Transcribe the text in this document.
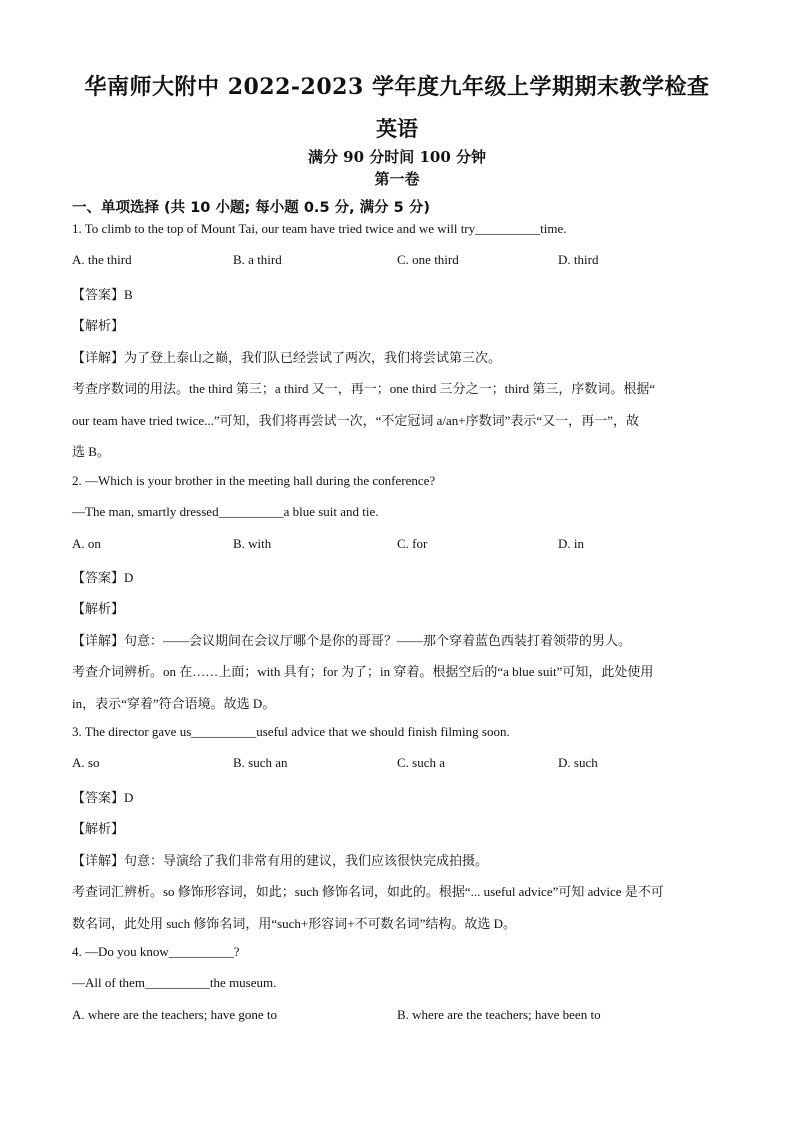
华南师大附中 2022-2023 学年度九年级上学期期末教学检查
英语
满分 90 分时间 100 分钟
第一卷
一、单项选择 (共 10 小题; 每小题 0.5 分, 满分 5 分)
1. To climb to the top of Mount Tai, our team have tried twice and we will try__________time.
A. the third	B. a third	C. one third	D. third
【答案】B
【解析】
【详解】为了登上泰山之巅，我们队已经尝试了两次，我们将尝试第三次。
考查序数词的用法。the third 第三；a third 又一，再一；one third 三分之一；third 第三，序数词。根据“
our team have tried twice...”可知，我们将再尝试一次，“不定冠词 a/an+序数词”表示“又一，再一”，故
选 B。
2. —Which is your brother in the meeting hall during the conference?
—The man, smartly dressed__________a blue suit and tie.
A. on	B. with	C. for	D. in
【答案】D
【解析】
【详解】句意：——会议期间在会议厅哪个是你的哥哥？——那个穿着蓝色西装打着领带的男人。
考查介词辨析。on 在……上面；with 具有；for 为了；in 穿着。根据空后的“a blue suit”可知，此处使用
in，表示“穿着”符合语境。故选 D。
3. The director gave us__________useful advice that we should finish filming soon.
A. so	B. such an	C. such a	D. such
【答案】D
【解析】
【详解】句意：导演给了我们非常有用的建议，我们应该很快完成拍摄。
考查词汇辨析。so 修饰形容词，如此；such 修饰名词，如此的。根据“... useful advice”可知 advice 是不可
数名词，此处用 such 修饰名词，用“such+形容词+不可数名词”结构。故选 D。
4. —Do you know__________?
—All of them__________the museum.
A. where are the teachers; have gone to	B. where are the teachers; have been to
